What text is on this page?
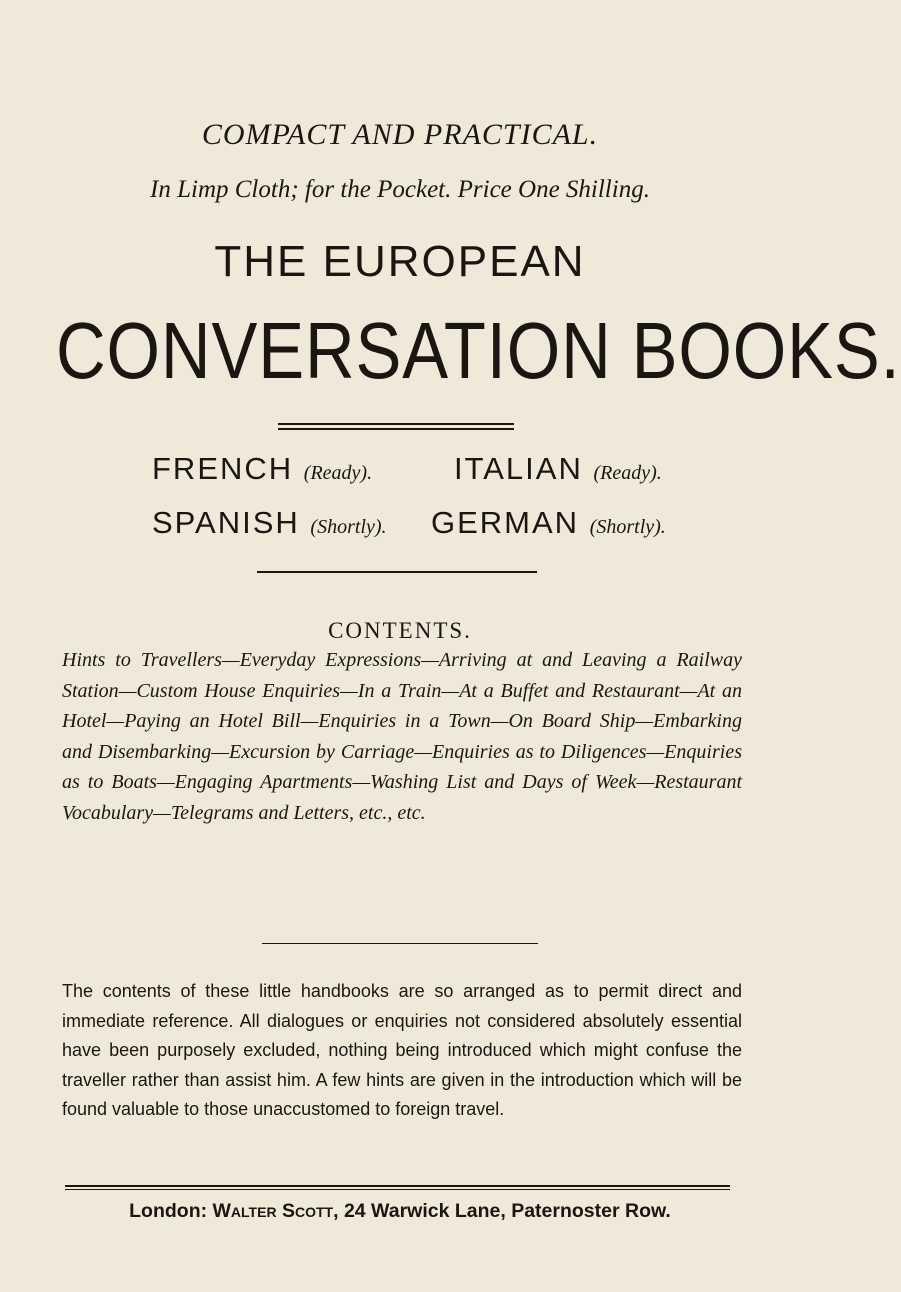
COMPACT AND PRACTICAL.
In Limp Cloth; for the Pocket. Price One Shilling.
THE EUROPEAN
CONVERSATION BOOKS.
FRENCH (Ready).	ITALIAN (Ready).
SPANISH (Shortly). GERMAN (Shortly).
CONTENTS.
Hints to Travellers—Everyday Expressions—Arriving at and Leaving a Railway Station—Custom House Enquiries—In a Train—At a Buffet and Restaurant—At an Hotel—Paying an Hotel Bill—Enquiries in a Town—On Board Ship—Embarking and Disembarking—Excursion by Carriage—Enquiries as to Diligences—Enquiries as to Boats—Engaging Apartments—Washing List and Days of Week—Restaurant Vocabulary—Telegrams and Letters, etc., etc.
The contents of these little handbooks are so arranged as to permit direct and immediate reference. All dialogues or enquiries not considered absolutely essential have been purposely excluded, nothing being introduced which might confuse the traveller rather than assist him. A few hints are given in the introduction which will be found valuable to those unaccustomed to foreign travel.
London: Walter Scott, 24 Warwick Lane, Paternoster Row.
